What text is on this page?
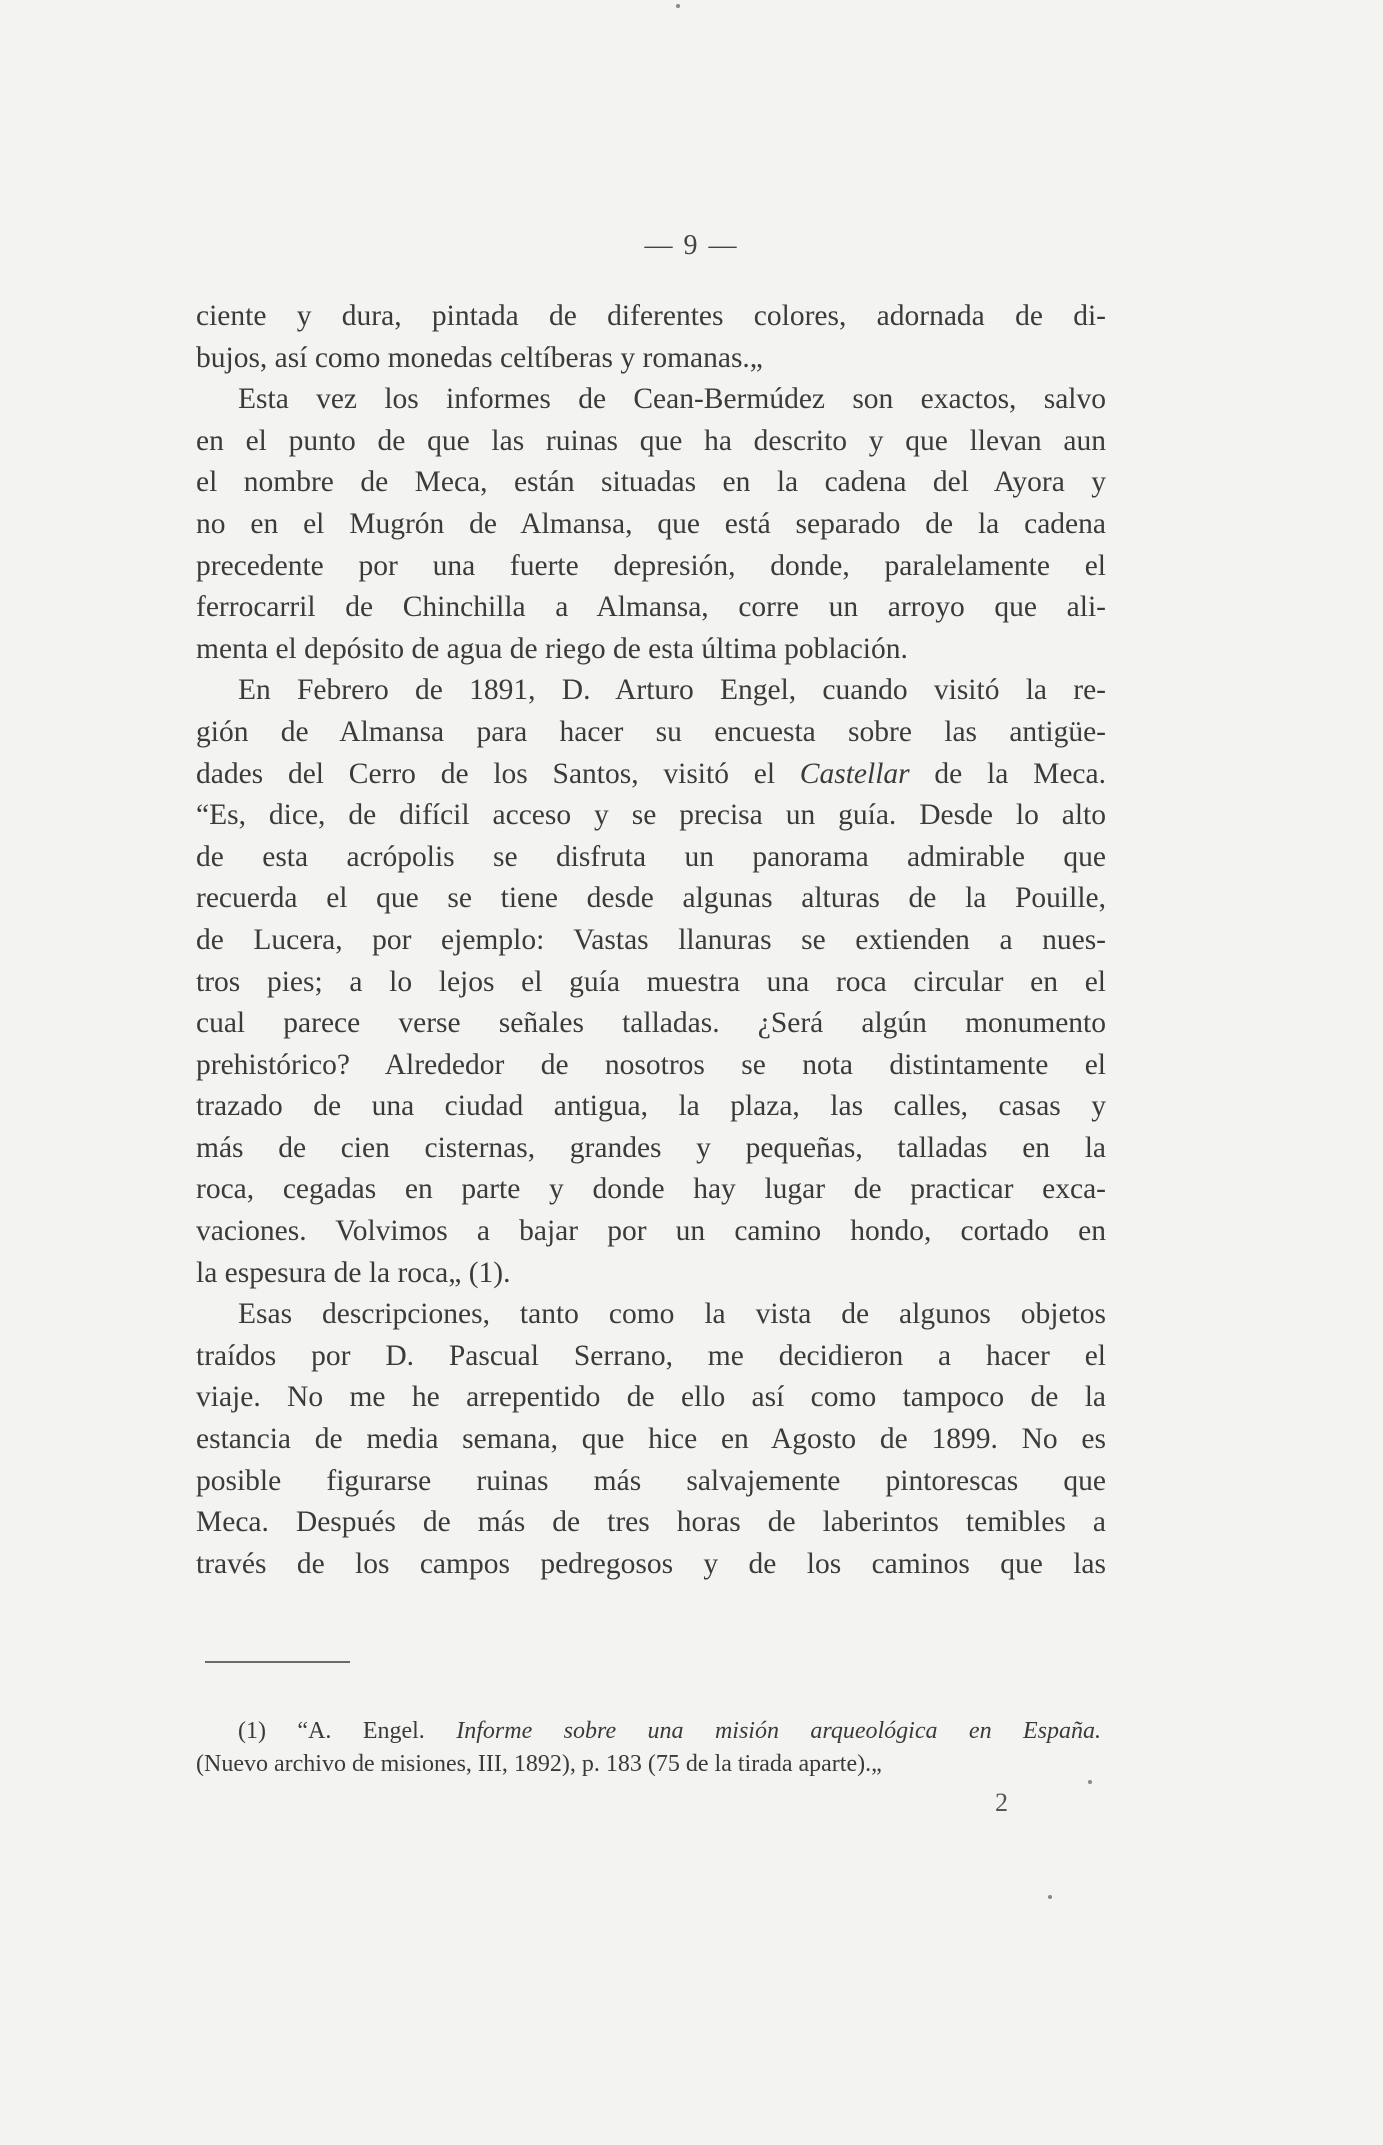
— 9 —
ciente y dura, pintada de diferentes colores, adornada de di-
bujos, así como monedas celtíberas y romanas.„
Esta vez los informes de Cean-Bermúdez son exactos, salvo
en el punto de que las ruinas que ha descrito y que llevan aun
el nombre de Meca, están situadas en la cadena del Ayora y
no en el Mugrón de Almansa, que está separado de la cadena
precedente por una fuerte depresión, donde, paralelamente el
ferrocarril de Chinchilla a Almansa, corre un arroyo que ali-
menta el depósito de agua de riego de esta última población.
En Febrero de 1891, D. Arturo Engel, cuando visitó la re-
gión de Almansa para hacer su encuesta sobre las antigüe-
dades del Cerro de los Santos, visitó el Castellar de la Meca.
“Es, dice, de difícil acceso y se precisa un guía. Desde lo alto
de esta acrópolis se disfruta un panorama admirable que
recuerda el que se tiene desde algunas alturas de la Pouille,
de Lucera, por ejemplo: Vastas llanuras se extienden a nues-
tros pies; a lo lejos el guía muestra una roca circular en el
cual parece verse señales talladas. ¿Será algún monumento
prehistórico? Alrededor de nosotros se nota distintamente el
trazado de una ciudad antigua, la plaza, las calles, casas y
más de cien cisternas, grandes y pequeñas, talladas en la
roca, cegadas en parte y donde hay lugar de practicar exca-
vaciones. Volvimos a bajar por un camino hondo, cortado en
la espesura de la roca„ (1).
Esas descripciones, tanto como la vista de algunos objetos
traídos por D. Pascual Serrano, me decidieron a hacer el
viaje. No me he arrepentido de ello así como tampoco de la
estancia de media semana, que hice en Agosto de 1899. No es
posible figurarse ruinas más salvajemente pintorescas que
Meca. Después de más de tres horas de laberintos temibles a
través de los campos pedregosos y de los caminos que las
(1) “A. Engel. Informe sobre una misión arqueológica en España.
(Nuevo archivo de misiones, III, 1892), p. 183 (75 de la tirada aparte).„
2
